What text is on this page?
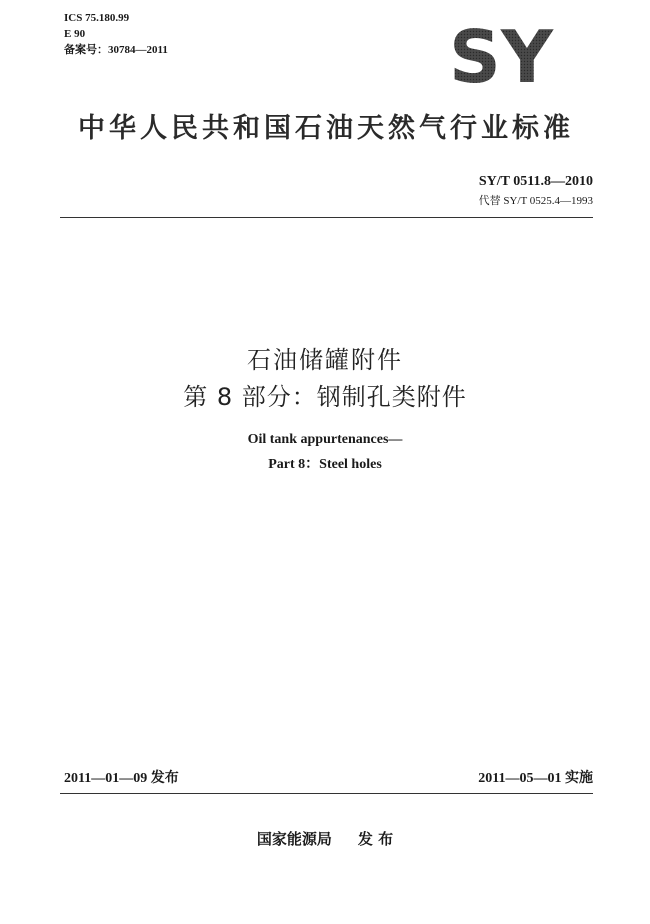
ICS 75.180.99
E 90
备案号：30784—2011	SY
中华人民共和国石油天然气行业标准
SY/T 0511.8—2010
代替 SY/T 0525.4—1993
石油储罐附件
第 8 部分：钢制孔类附件
Oil tank appurtenances—
Part 8：Steel holes
2011—01—09 发布	2011—05—01 实施
国家能源局 发 布
